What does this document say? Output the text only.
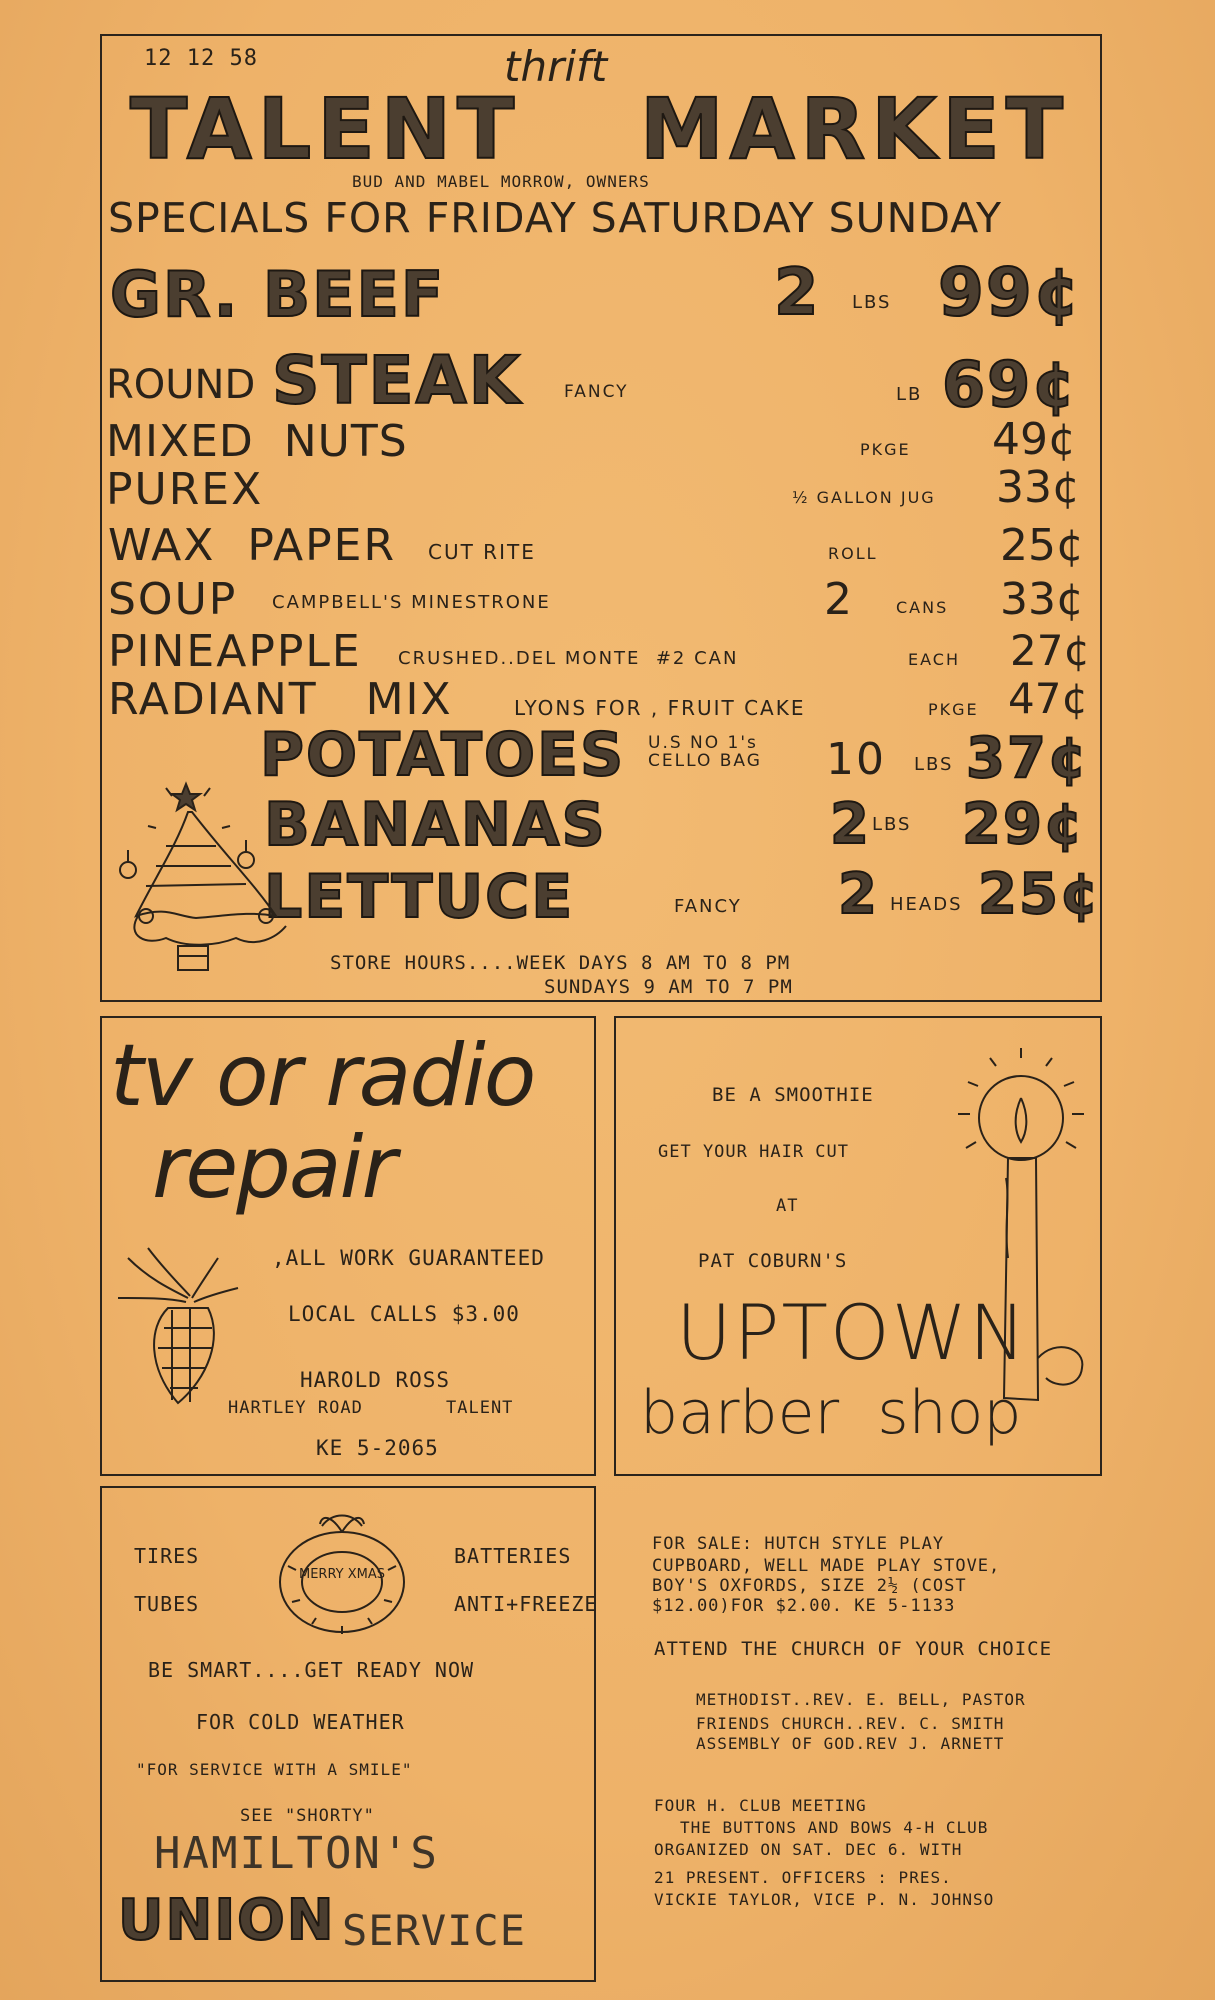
12 12 58	thrift
TALENT MARKET
BUD AND MABEL MORROW, OWNERS
SPECIALS FOR FRIDAY SATURDAY SUNDAY
GR. BEEF	2 LBS 99¢
ROUND STEAK FANCY	LB 69¢
MIXED  NUTS	PKGE 49¢
PUREX	½ GALLON JUG 33¢
WAX  PAPER CUT RITE	ROLL	25¢
SOUP CAMPBELL'S MINESTRONE	2	CANS 33¢
PINEAPPLE CRUSHED..DEL MONTE  #2 CAN	EACH 27¢
RADIANT   MIX	LYONS FOR , FRUIT CAKE	PKGE 47¢
POTATOES U.S NO 1's CELLO BAG	10 LBS 37¢
BANANAS	2 LBS 29¢
LETTUCE	FANCY 2 HEADS 25¢
STORE HOURS....WEEK DAYS 8 AM TO 8 PM
SUNDAYS 9 AM TO 7 PM
tv or radio
repair
,ALL WORK GUARANTEED
LOCAL CALLS $3.00
HAROLD ROSS
HARTLEY ROAD	TALENT
KE 5-2065
BE A SMOOTHIE
GET YOUR HAIR CUT
AT
PAT COBURN'S
UPTOWN
barber  shop
TIRES
TUBES
BATTERIES
ANTI+FREEZE
MERRY XMAS
BE SMART....GET READY NOW
FOR COLD WEATHER
"FOR SERVICE WITH A SMILE"
SEE "SHORTY"
HAMILTON'S
UNION SERVICE
FOR SALE: HUTCH STYLE PLAY
CUPBOARD, WELL MADE PLAY STOVE,
BOY'S OXFORDS, SIZE 2½ (COST
$12.00)FOR $2.00. KE 5-1133
ATTEND THE CHURCH OF YOUR CHOICE
METHODIST..REV. E. BELL, PASTOR
FRIENDS CHURCH..REV. C. SMITH
ASSEMBLY OF GOD.REV J. ARNETT
FOUR H. CLUB MEETING
THE BUTTONS AND BOWS 4-H CLUB
ORGANIZED ON SAT. DEC 6. WITH
21 PRESENT. OFFICERS : PRES.
VICKIE TAYLOR, VICE P. N. JOHNSO
